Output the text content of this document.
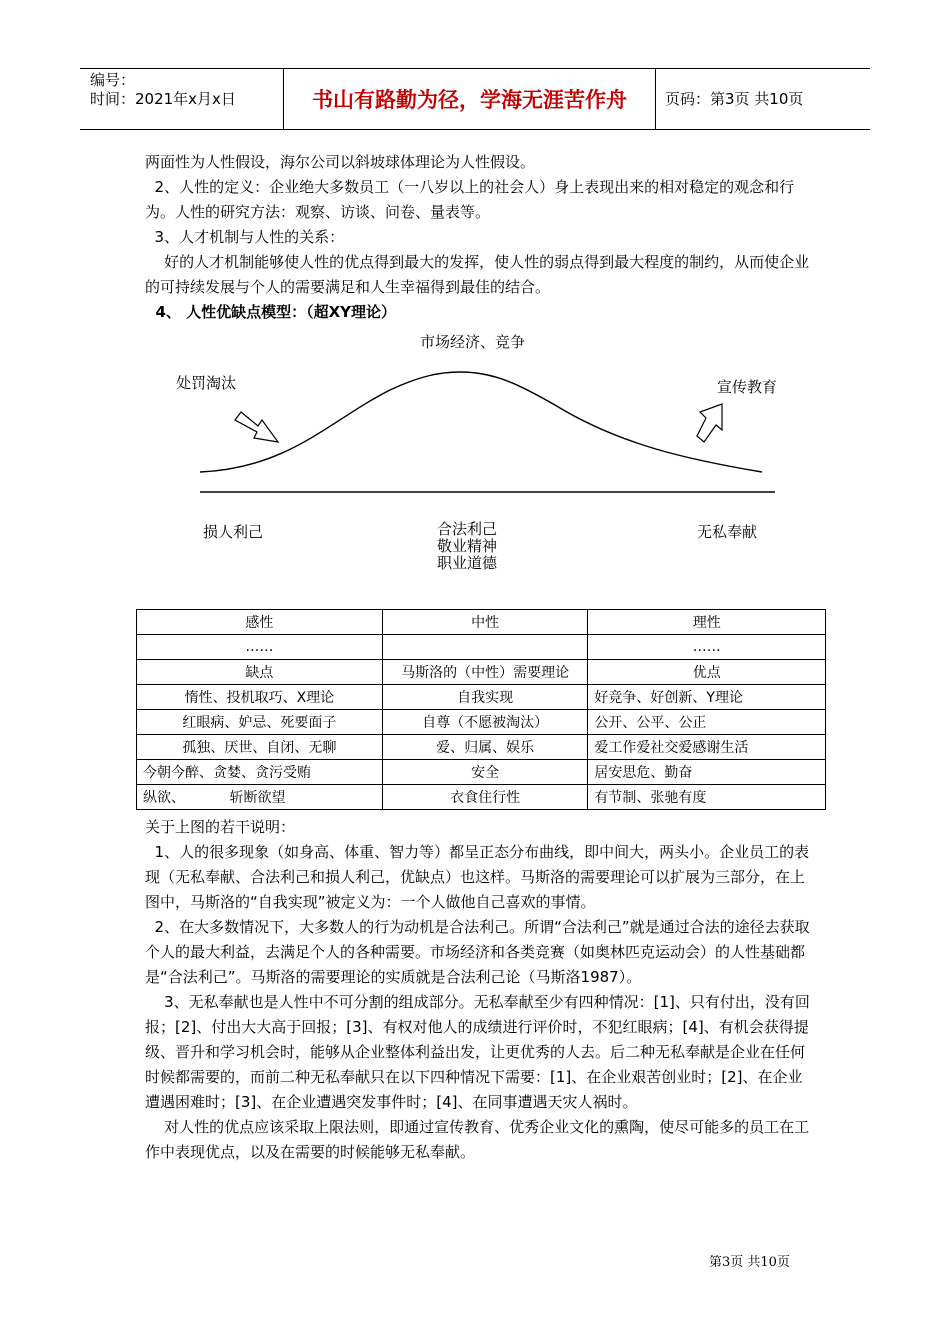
编号：
时间：2021年x月x日	书山有路勤为径，学海无涯苦作舟	页码：第3页 共10页

两面性为人性假设，海尔公司以斜坡球体理论为人性假设。

2、人性的定义：企业绝大多数员工（一八岁以上的社会人）身上表现出来的相对稳定的观念和行为。人性的研究方法：观察、访谈、问卷、量表等。

3、人才机制与人性的关系：

好的人才机制能够使人性的优点得到最大的发挥，使人性的弱点得到最大程度的制约，从而使企业的可持续发展与个人的需要满足和人生幸福得到最佳的结合。

4、 人性优缺点模型：（超XY理论）

市场经济、竞争
处罚淘汰	宣传教育
损人利己	合法利己
敬业精神
职业道德
无私奉献
感性	中性	理性
……		……
缺点	马斯洛的（中性）需要理论	优点
惰性、投机取巧、X理论	自我实现	好竞争、好创新、Y理论
红眼病、妒忌、死要面子	自尊（不愿被淘汰）	公开、公平、公正
孤独、厌世、自闭、无聊	爱、归属、娱乐	爱工作爱社交爱感谢生活
今朝今醉、贪婪、贪污受贿	安全	居安思危、勤奋
纵欲、          斩断欲望	衣食住行性	有节制、张驰有度

关于上图的若干说明：

1、人的很多现象（如身高、体重、智力等）都呈正态分布曲线，即中间大，两头小。企业员工的表现（无私奉献、合法利己和损人利己，优缺点）也这样。马斯洛的需要理论可以扩展为三部分，在上图中，马斯洛的“自我实现”被定义为：一个人做他自己喜欢的事情。

2、在大多数情况下，大多数人的行为动机是合法利己。所谓“合法利己”就是通过合法的途径去获取个人的最大利益，去满足个人的各种需要。市场经济和各类竞赛（如奥林匹克运动会）的人性基础都是“合法利己”。马斯洛的需要理论的实质就是合法利己论（马斯洛1987）。

3、无私奉献也是人性中不可分割的组成部分。无私奉献至少有四种情况：[1]、只有付出，没有回报；[2]、付出大大高于回报；[3]、有权对他人的成绩进行评价时，不犯红眼病；[4]、有机会获得提级、晋升和学习机会时，能够从企业整体利益出发，让更优秀的人去。后二种无私奉献是企业在任何时候都需要的，而前二种无私奉献只在以下四种情况下需要：[1]、在企业艰苦创业时；[2]、在企业遭遇困难时；[3]、在企业遭遇突发事件时；[4]、在同事遭遇天灾人祸时。

对人性的优点应该采取上限法则，即通过宣传教育、优秀企业文化的熏陶，使尽可能多的员工在工作中表现优点，以及在需要的时候能够无私奉献。

第3页 共10页
